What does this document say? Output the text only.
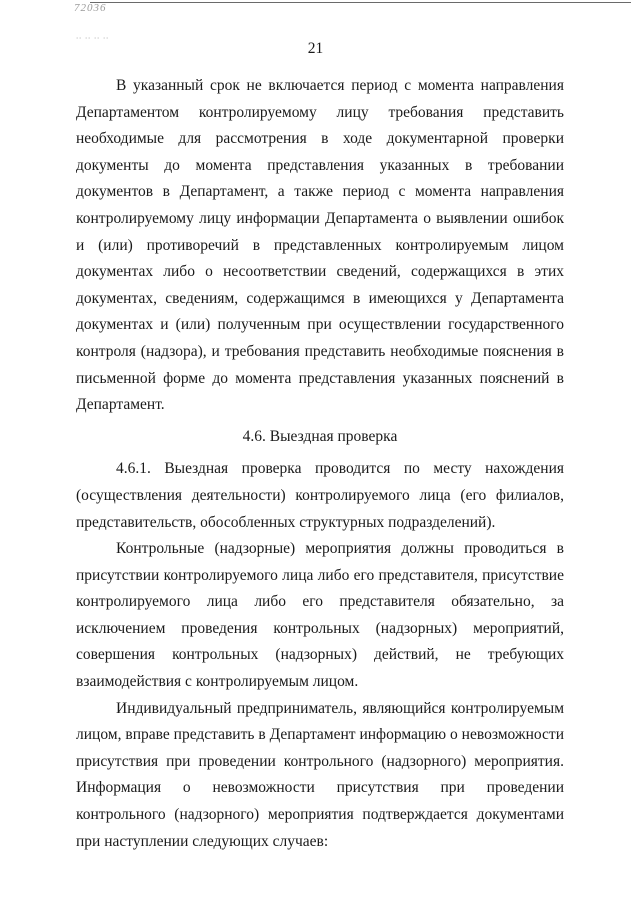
72036
·· ·· ·· ··
21

В указанный срок не включается период с момента направления Департаментом контролируемому лицу требования представить необходимые для рассмотрения в ходе документарной проверки документы до момента представления указанных в требовании документов в Департамент, а также период с момента направления контролируемому лицу информации Департамента о выявлении ошибок и (или) противоречий в представленных контролируемым лицом документах либо о несоответствии сведений, содержащихся в этих документах, сведениям, содержащимся в имеющихся у Департамента документах и (или) полученным при осуществлении государственного контроля (надзора), и требования представить необходимые пояснения в письменной форме до момента представления указанных пояснений в Департамент.

4.6. Выездная проверка

4.6.1. Выездная проверка проводится по месту нахождения (осуществления деятельности) контролируемого лица (его филиалов, представительств, обособленных структурных подразделений).

Контрольные (надзорные) мероприятия должны проводиться в присутствии контролируемого лица либо его представителя, присутствие контролируемого лица либо его представителя обязательно, за исключением проведения контрольных (надзорных) мероприятий, совершения контрольных (надзорных) действий, не требующих взаимодействия с контролируемым лицом.

Индивидуальный предприниматель, являющийся контролируемым лицом, вправе представить в Департамент информацию о невозможности присутствия при проведении контрольного (надзорного) мероприятия. Информация о невозможности присутствия при проведении контрольного (надзорного) мероприятия подтверждается документами при наступлении следующих случаев:
